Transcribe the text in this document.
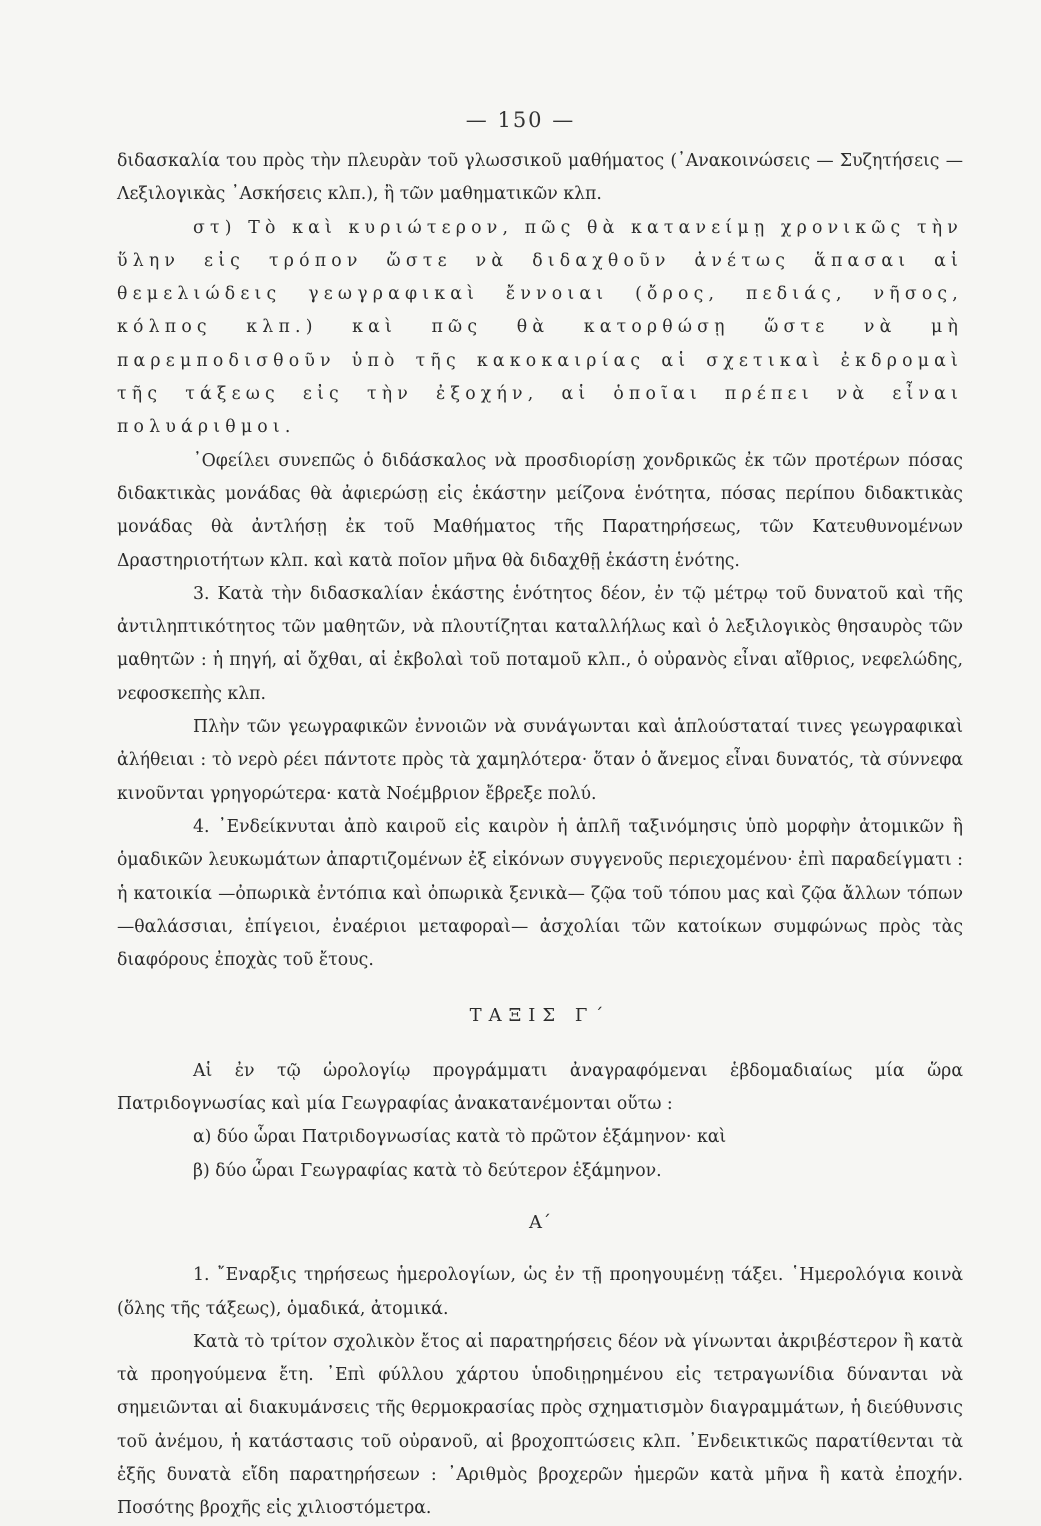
— 150 —

διδασκαλία του πρὸς τὴν πλευρὰν τοῦ γλωσσικοῦ μαθήματος (᾽Ανακοινώσεις — Συζητήσεις — Λεξιλογικὰς ᾽Ασκήσεις κλπ.), ἢ τῶν μαθηματικῶν κλπ.

στ) Τὸ καὶ κυριώτερον, πῶς θὰ κατανείμῃ χρονικῶς τὴν ὕλην εἰς τρόπον ὥστε νὰ διδαχθοῦν ἀνέτως ἅπασαι αἱ θεμελιώδεις γεωγραφικαὶ ἔννοιαι (ὄρος, πεδιάς, νῆσος, κόλπος κλπ.) καὶ πῶς θὰ κατορθώσῃ ὥστε νὰ μὴ παρεμποδισθοῦν ὑπὸ τῆς κακοκαιρίας αἱ σχετικαὶ ἐκδρομαὶ τῆς τάξεως εἰς τὴν ἐξοχήν, αἱ ὁποῖαι πρέπει νὰ εἶναι πολυάριθμοι.

᾽Οφείλει συνεπῶς ὁ διδάσκαλος νὰ προσδιορίσῃ χονδρικῶς ἐκ τῶν προτέρων πόσας διδακτικὰς μονάδας θὰ ἀφιερώσῃ εἰς ἑκάστην μείζονα ἑνότητα, πόσας περίπου διδακτικὰς μονάδας θὰ ἀντλήσῃ ἐκ τοῦ Μαθήματος τῆς Παρατηρήσεως, τῶν Κατευθυνομένων Δραστηριοτήτων κλπ. καὶ κατὰ ποῖον μῆνα θὰ διδαχθῇ ἑκάστη ἑνότης.

3. Κατὰ τὴν διδασκαλίαν ἑκάστης ἑνότητος δέον, ἐν τῷ μέτρῳ τοῦ δυνατοῦ καὶ τῆς ἀντιληπτικότητος τῶν μαθητῶν, νὰ πλουτίζηται καταλλήλως καὶ ὁ λεξιλογικὸς θησαυρὸς τῶν μαθητῶν : ἡ πηγή, αἱ ὄχθαι, αἱ ἐκβολαὶ τοῦ ποταμοῦ κλπ., ὁ οὐρανὸς εἶναι αἴθριος, νεφελώδης, νεφοσκεπὴς κλπ.

Πλὴν τῶν γεωγραφικῶν ἐννοιῶν νὰ συνάγωνται καὶ ἁπλούσταταί τινες γεωγραφικαὶ ἀλήθειαι : τὸ νερὸ ρέει πάντοτε πρὸς τὰ χαμηλότερα· ὅταν ὁ ἄνεμος εἶναι δυνατός, τὰ σύννεφα κινοῦνται γρηγορώτερα· κατὰ Νοέμβριον ἔβρεξε πολύ.

4. ᾽Ενδείκνυται ἀπὸ καιροῦ εἰς καιρὸν ἡ ἁπλῆ ταξινόμησις ὑπὸ μορφὴν ἀτομικῶν ἢ ὁμαδικῶν λευκωμάτων ἀπαρτιζομένων ἐξ εἰκόνων συγγενοῦς περιεχομένου· ἐπὶ παραδείγματι : ἡ κατοικία —ὀπωρικὰ ἐντόπια καὶ ὀπωρικὰ ξενικὰ— ζῷα τοῦ τόπου μας καὶ ζῷα ἄλλων τόπων —θαλάσσιαι, ἐπίγειοι, ἐναέριοι μεταφοραὶ— ἀσχολίαι τῶν κατοίκων συμφώνως πρὸς τὰς διαφόρους ἐποχὰς τοῦ ἔτους.

ΤΑΞΙΣ Γ΄

Αἱ ἐν τῷ ὡρολογίῳ προγράμματι ἀναγραφόμεναι ἑβδομαδιαίως μία ὥρα Πατριδογνωσίας καὶ μία Γεωγραφίας ἀνακατανέμονται οὕτω :

α) δύο ὧραι Πατριδογνωσίας κατὰ τὸ πρῶτον ἑξάμηνον· καὶ

β) δύο ὧραι Γεωγραφίας κατὰ τὸ δεύτερον ἑξάμηνον.

Α΄

1. ῎Εναρξις τηρήσεως ἡμερολογίων, ὡς ἐν τῇ προηγουμένῃ τάξει. ῾Ημερολόγια κοινὰ (ὅλης τῆς τάξεως), ὁμαδικά, ἀτομικά.

Κατὰ τὸ τρίτον σχολικὸν ἔτος αἱ παρατηρήσεις δέον νὰ γίνωνται ἀκριβέστερον ἢ κατὰ τὰ προηγούμενα ἔτη. ᾽Επὶ φύλλου χάρτου ὑποδιῃρημένου εἰς τετραγωνίδια δύνανται νὰ σημειῶνται αἱ διακυμάνσεις τῆς θερμοκρασίας πρὸς σχηματισμὸν διαγραμμάτων, ἡ διεύθυνσις τοῦ ἀνέμου, ἡ κατάστασις τοῦ οὐρανοῦ, αἱ βροχοπτώσεις κλπ. ᾽Ενδεικτικῶς παρατίθενται τὰ ἑξῆς δυνατὰ εἴδη παρατηρήσεων : ᾽Αριθμὸς βροχερῶν ἡμερῶν κατὰ μῆνα ἢ κατὰ ἐποχήν. Ποσότης βροχῆς εἰς χιλιοστόμετρα.
